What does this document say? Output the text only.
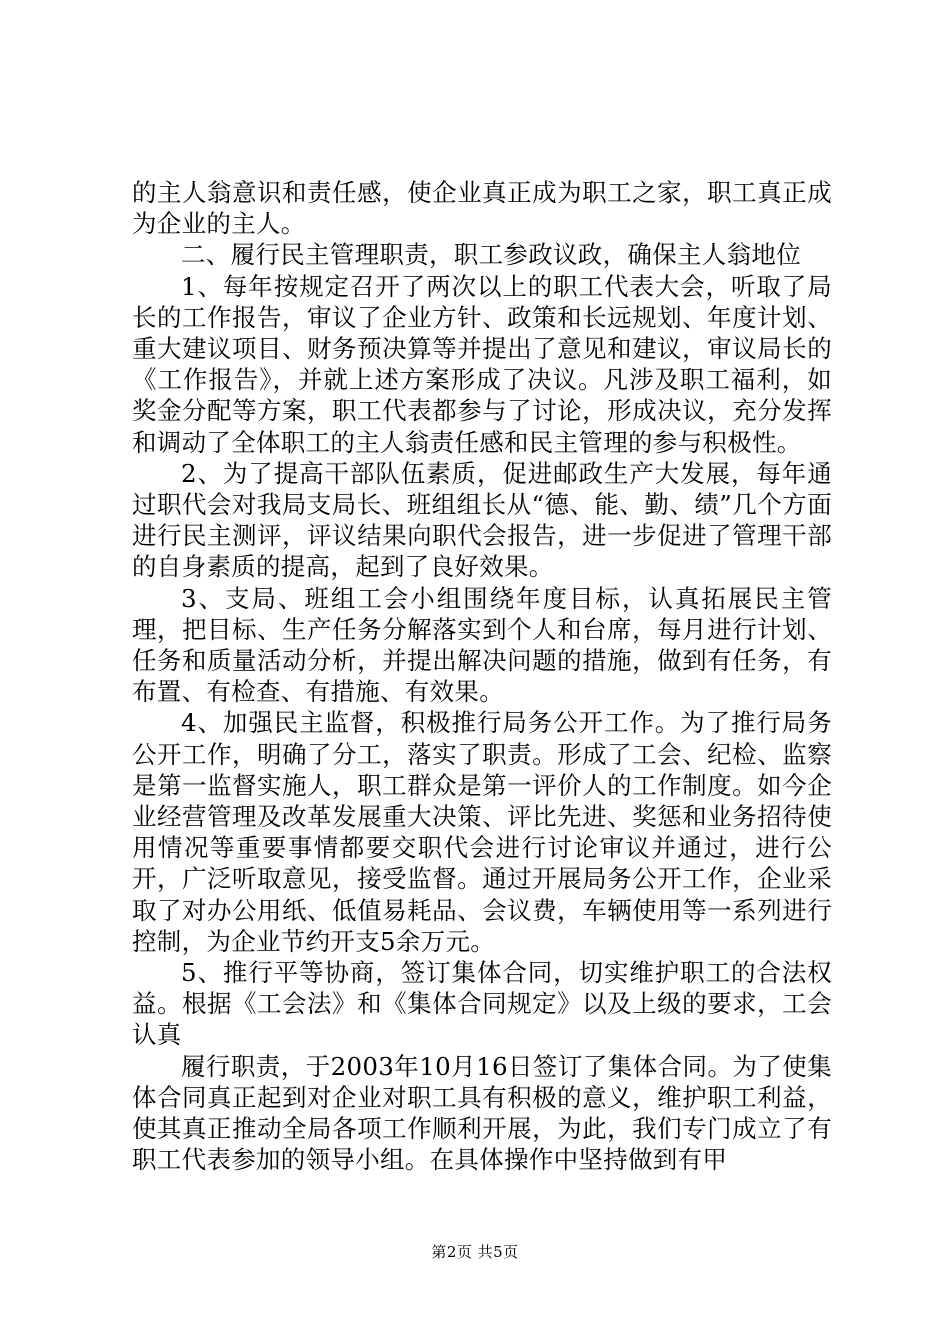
的主人翁意识和责任感，使企业真正成为职工之家，职工真正成为企业的主人。

二、履行民主管理职责，职工参政议政，确保主人翁地位

1、每年按规定召开了两次以上的职工代表大会，听取了局长的工作报告，审议了企业方针、政策和长远规划、年度计划、重大建议项目、财务预决算等并提出了意见和建议，审议局长的《工作报告》，并就上述方案形成了决议。凡涉及职工福利，如奖金分配等方案，职工代表都参与了讨论，形成决议，充分发挥和调动了全体职工的主人翁责任感和民主管理的参与积极性。

2、为了提高干部队伍素质，促进邮政生产大发展，每年通过职代会对我局支局长、班组组长从“德、能、勤、绩”几个方面进行民主测评，评议结果向职代会报告，进一步促进了管理干部的自身素质的提高，起到了良好效果。

3、支局、班组工会小组围绕年度目标，认真拓展民主管理，把目标、生产任务分解落实到个人和台席，每月进行计划、任务和质量活动分析，并提出解决问题的措施，做到有任务，有布置、有检查、有措施、有效果。

4、加强民主监督，积极推行局务公开工作。为了推行局务公开工作，明确了分工，落实了职责。形成了工会、纪检、监察是第一监督实施人，职工群众是第一评价人的工作制度。如今企业经营管理及改革发展重大决策、评比先进、奖惩和业务招待使用情况等重要事情都要交职代会进行讨论审议并通过，进行公开，广泛听取意见，接受监督。通过开展局务公开工作，企业采取了对办公用纸、低值易耗品、会议费，车辆使用等一系列进行控制，为企业节约开支5余万元。

5、推行平等协商，签订集体合同，切实维护职工的合法权益。根据《工会法》和《集体合同规定》以及上级的要求，工会认真

履行职责，于2003年10月16日签订了集体合同。为了使集体合同真正起到对企业对职工具有积极的意义，维护职工利益，使其真正推动全局各项工作顺利开展，为此，我们专门成立了有职工代表参加的领导小组。在具体操作中坚持做到有甲

第2页 共5页
